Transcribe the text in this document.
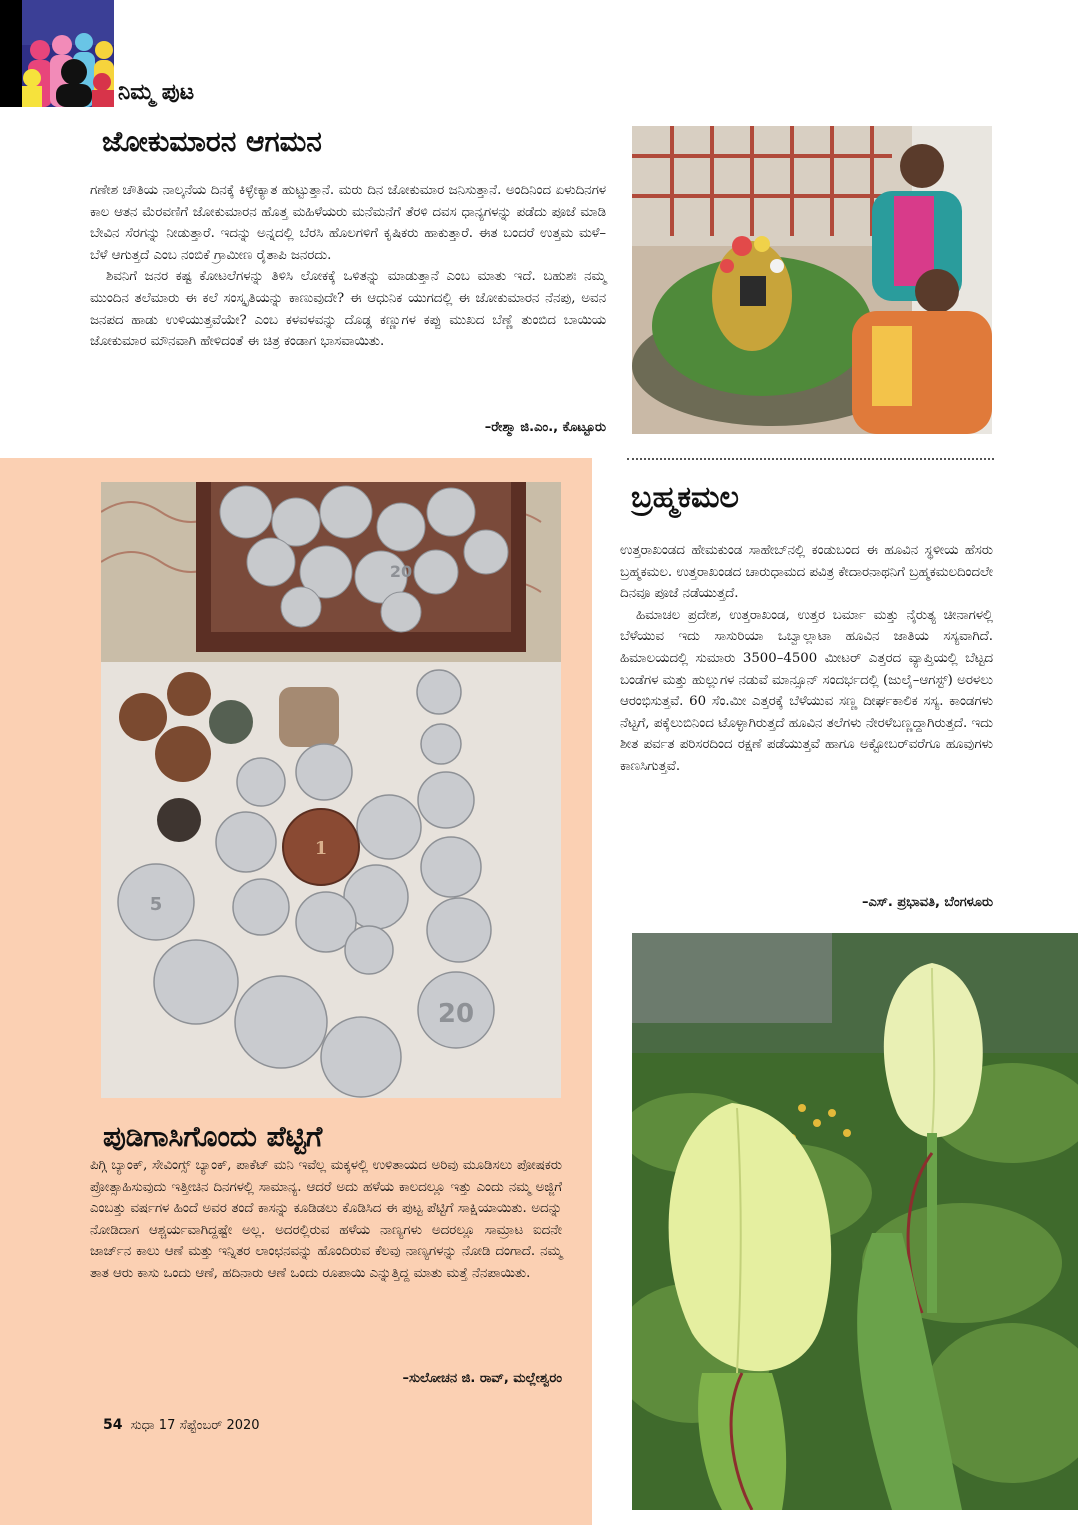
ನಿಮ್ಮ ಪುಟ
ಜೋಕುಮಾರನ ಆಗಮನ

ಗಣೇಶ ಚೌತಿಯ ನಾಲ್ಕನೆಯ ದಿನಕ್ಕೆ ಕಿಳ್ಳೇಕ್ಯಾತ ಹುಟ್ಟುತ್ತಾನೆ. ಮರು ದಿನ ಜೋಕುಮಾರ ಜನಿಸುತ್ತಾನೆ. ಅಂದಿನಿಂದ ಏಳುದಿನಗಳ ಕಾಲ ಆತನ ಮೆರವಣಿಗೆ ಜೋಕುಮಾರನ ಹೊತ್ತ ಮಹಿಳೆಯರು ಮನೆಮನೆಗೆ ತೆರಳಿ ದವಸ ಧಾನ್ಯಗಳನ್ನು ಪಡೆದು ಪೂಜೆ ಮಾಡಿ ಬೇವಿನ ಸೆರಗನ್ನು ನೀಡುತ್ತಾರೆ. ಇದನ್ನು ಅನ್ನದಲ್ಲಿ ಬೆರಸಿ ಹೊಲಗಳಿಗೆ ಕೃಷಿಕರು ಹಾಕುತ್ತಾರೆ. ಈತ ಬಂದರೆ ಉತ್ತಮ ಮಳೆ– ಬೆಳೆ ಆಗುತ್ತದೆ ಎಂಬ ನಂಬಿಕೆ ಗ್ರಾಮೀಣ ರೈತಾಪಿ ಜನರದು.

ಶಿವನಿಗೆ ಜನರ ಕಷ್ಟ ಕೋಟಲೆಗಳನ್ನು ತಿಳಿಸಿ ಲೋಕಕ್ಕೆ ಒಳಿತನ್ನು ಮಾಡುತ್ತಾನೆ ಎಂಬ ಮಾತು ಇದೆ. ಬಹುಶಃ ನಮ್ಮ ಮುಂದಿನ ತಲೆಮಾರು ಈ ಕಲೆ ಸಂಸ್ಕೃತಿಯನ್ನು ಕಾಣುವುದೇ? ಈ ಆಧುನಿಕ ಯುಗದಲ್ಲಿ ಈ ಜೋಕುಮಾರನ ನೆನಪು, ಅವನ ಜನಪದ ಹಾಡು ಉಳಿಯುತ್ತವೆಯೇ? ಎಂಬ ಕಳವಳವನ್ನು ದೊಡ್ಡ ಕಣ್ಣುಗಳ ಕಪ್ಪು ಮುಖದ ಬೆಣ್ಣೆ ತುಂಬಿದ ಬಾಯಿಯ ಜೋಕುಮಾರ ಮೌನವಾಗಿ ಹೇಳಿದಂತೆ ಈ ಚಿತ್ರ ಕಂಡಾಗ ಭಾಸವಾಯಿತು.

–ರೇಶ್ಮಾ ಜಿ.ಎಂ., ಕೊಟ್ಟೂರು
20
20
1
5
ಪುಡಿಗಾಸಿಗೊಂದು ಪೆಟ್ಟಿಗೆ

ಪಿಗ್ಗಿ ಬ್ಯಾಂಕ್, ಸೇವಿಂಗ್ಸ್ ಬ್ಯಾಂಕ್, ಪಾಕೆಟ್ ಮನಿ ಇವೆಲ್ಲ ಮಕ್ಕಳಲ್ಲಿ ಉಳಿತಾಯದ ಅರಿವು ಮೂಡಿಸಲು ಪೋಷಕರು ಪ್ರೋತ್ಸಾಹಿಸುವುದು ಇತ್ತೀಚಿನ ದಿನಗಳಲ್ಲಿ ಸಾಮಾನ್ಯ. ಆದರೆ ಅದು ಹಳೆಯ ಕಾಲದಲ್ಲೂ ಇತ್ತು ಎಂದು ನಮ್ಮ ಅಜ್ಜಿಗೆ ಎಂಬತ್ತು ವರ್ಷಗಳ ಹಿಂದೆ ಅವರ ತಂದೆ ಕಾಸನ್ನು ಕೂಡಿಡಲು ಕೊಡಿಸಿದ ಈ ಪುಟ್ಟ ಪೆಟ್ಟಿಗೆ ಸಾಕ್ಷಿಯಾಯಿತು. ಅದನ್ನು ನೋಡಿದಾಗ ಆಶ್ಚರ್ಯವಾಗಿದ್ದಷ್ಟೇ ಅಲ್ಲ. ಅದರಲ್ಲಿರುವ ಹಳೆಯ ನಾಣ್ಯಗಳು ಅದರಲ್ಲೂ ಸಾಮ್ರಾಟ ಐದನೇ ಜಾರ್ಜ್‌ನ ಕಾಲು ಆಣೆ ಮತ್ತು ಇನ್ನಿತರ ಲಾಂಛನವನ್ನು ಹೊಂದಿರುವ ಕೆಲವು ನಾಣ್ಯಗಳನ್ನು ನೋಡಿ ದಂಗಾದೆ. ನಮ್ಮ ತಾತ ಆರು ಕಾಸು ಒಂದು ಆಣೆ, ಹದಿನಾರು ಆಣೆ ಒಂದು ರೂಪಾಯಿ ಎನ್ನುತ್ತಿದ್ದ ಮಾತು ಮತ್ತೆ ನೆನಪಾಯಿತು.

–ಸುಲೋಚನ ಜಿ. ರಾವ್, ಮಲ್ಲೇಶ್ವರಂ
ಬ್ರಹ್ಮಕಮಲ

ಉತ್ತರಾಖಂಡದ ಹೇಮಕುಂಡ ಸಾಹೇಬ್‌ನಲ್ಲಿ ಕಂಡುಬಂದ ಈ ಹೂವಿನ ಸ್ಥಳೀಯ ಹೆಸರು ಬ್ರಹ್ಮಕಮಲ. ಉತ್ತರಾಖಂಡದ ಚಾರುಧಾಮದ ಪವಿತ್ರ ಕೇದಾರನಾಥನಿಗೆ ಬ್ರಹ್ಮಕಮಲದಿಂದಲೇ ದಿನವೂ ಪೂಜೆ ನಡೆಯುತ್ತದೆ.

ಹಿಮಾಚಲ ಪ್ರದೇಶ, ಉತ್ತರಾಖಂಡ, ಉತ್ತರ ಬರ್ಮಾ ಮತ್ತು ನೈರುತ್ಯ ಚೀನಾಗಳಲ್ಲಿ ಬೆಳೆಯುವ ಇದು ಸಾಸುರಿಯಾ ಒಬ್ವಾಲ್ಲಾಟಾ ಹೂವಿನ ಜಾತಿಯ ಸಸ್ಯವಾಗಿದೆ. ಹಿಮಾಲಯದಲ್ಲಿ ಸುಮಾರು 3500–4500 ಮೀಟರ್ ಎತ್ತರದ ವ್ಯಾಪ್ತಿಯಲ್ಲಿ ಬೆಟ್ಟದ ಬಂಡೆಗಳ ಮತ್ತು ಹುಲ್ಲುಗಳ ನಡುವೆ ಮಾನ್ಸೂನ್ ಸಂದರ್ಭದಲ್ಲಿ (ಜುಲೈ–ಆಗಸ್ಟ್) ಅರಳಲು ಆರಂಭಿಸುತ್ತವೆ. 60 ಸೆಂ.ಮೀ ಎತ್ತರಕ್ಕೆ ಬೆಳೆಯುವ ಸಣ್ಣ ದೀರ್ಘಕಾಲಿಕ ಸಸ್ಯ. ಕಾಂಡಗಳು ನೆಟ್ಟಗೆ, ಪಕ್ಕೆಲುಬಿನಿಂದ ಟೊಳ್ಳಾಗಿರುತ್ತದೆ ಹೂವಿನ ತಲೆಗಳು ನೇರಳೆಬಣ್ಣದ್ದಾಗಿರುತ್ತದೆ. ಇದು ಶೀತ ಪರ್ವತ ಪರಿಸರದಿಂದ ರಕ್ಷಣೆ ಪಡೆಯುತ್ತವೆ ಹಾಗೂ ಅಕ್ಟೋಬರ್‌ವರೆಗೂ ಹೂವುಗಳು ಕಾಣಸಿಗುತ್ತವೆ.

–ಎಸ್. ಪ್ರಭಾವತಿ, ಬೆಂಗಳೂರು
54 ಸುಧಾ 17 ಸೆಪ್ಟೆಂಬರ್ 2020
